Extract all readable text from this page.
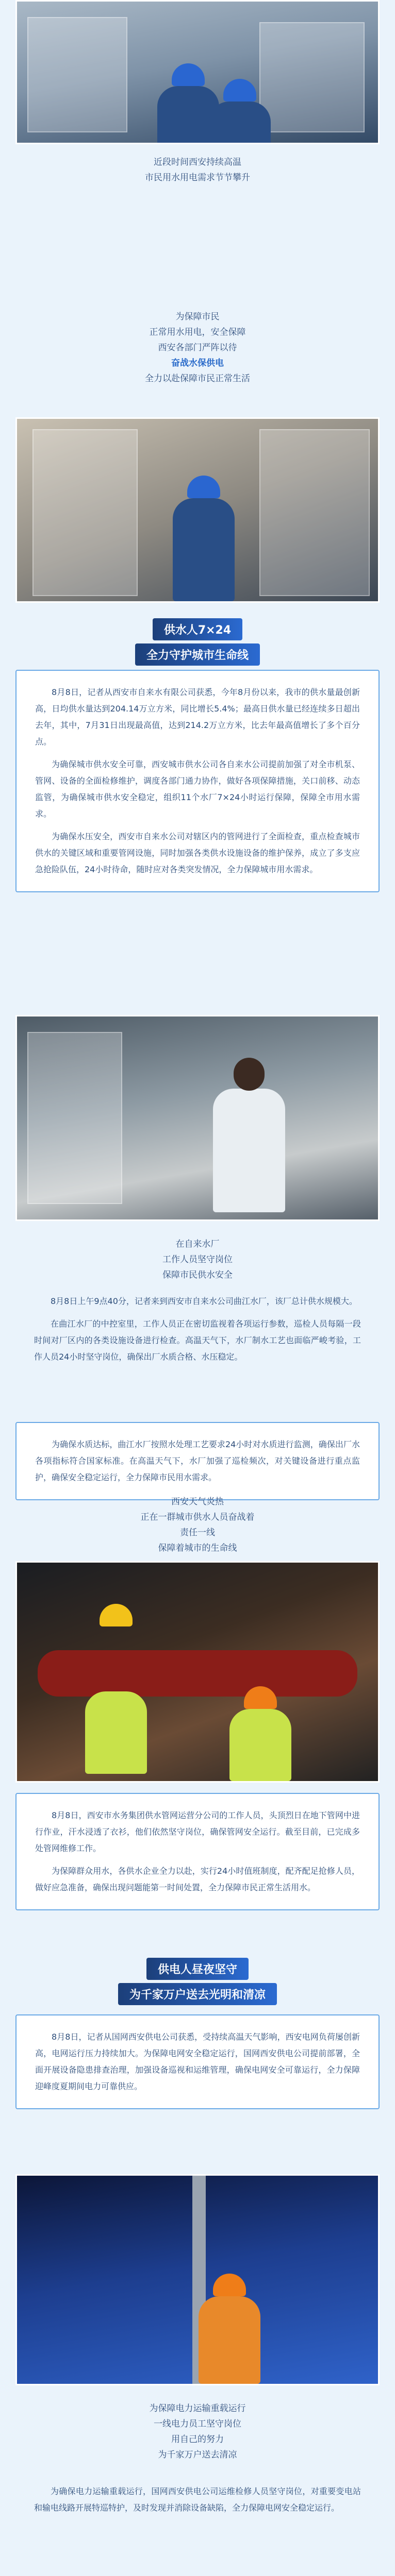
近段时间西安持续高温
市民用水用电需求节节攀升
为保障市民
正常用水用电，安全保障
西安各部门严阵以待
奋战水保供电
全力以赴保障市民正常生活
供水人7×24
全力守护城市生命线

8月8日，记者从西安市自来水有限公司获悉，今年8月份以来，我市的供水量最创新高，日均供水量达到204.14万立方米，同比增长5.4%；最高日供水量已经连续多日超出去年，其中，7月31日出现最高值，达到214.2万立方米，比去年最高值增长了多个百分点。

为确保城市供水安全可靠，西安城市供水公司各自来水公司提前加强了对全市机泵、管网、设备的全面检修维护，调度各部门通力协作，做好各项保障措施，关口前移、动态监管，为确保城市供水安全稳定，组织11个水厂7×24小时运行保障，保障全市用水需求。

为确保水压安全，西安市自来水公司对辖区内的管网进行了全面检查，重点检查城市供水的关键区域和重要管网设施，同时加强各类供水设施设备的维护保养，成立了多支应急抢险队伍，24小时待命，随时应对各类突发情况，全力保障城市用水需求。

在自来水厂
工作人员坚守岗位
保障市民供水安全

8月8日上午9点40分，记者来到西安市自来水公司曲江水厂，该厂总计供水规模大。

在曲江水厂的中控室里，工作人员正在密切监视着各项运行参数，巡检人员每隔一段时间对厂区内的各类设施设备进行检查。高温天气下，水厂制水工艺也面临严峻考验，工作人员24小时坚守岗位，确保出厂水质合格、水压稳定。

为确保水质达标，曲江水厂按照水处理工艺要求24小时对水质进行监测，确保出厂水各项指标符合国家标准。在高温天气下，水厂加强了巡检频次，对关键设备进行重点监护，确保安全稳定运行，全力保障市民用水需求。

西安天气炎热
正在一群城市供水人员奋战着
责任一线
保障着城市的生命线

8月8日，西安市水务集团供水管网运营分公司的工作人员，头顶烈日在地下管网中进行作业，汗水浸透了衣衫，他们依然坚守岗位，确保管网安全运行。截至目前，已完成多处管网维修工作。

为保障群众用水，各供水企业全力以赴，实行24小时值班制度，配齐配足抢修人员，做好应急准备，确保出现问题能第一时间处置，全力保障市民正常生活用水。

供电人昼夜坚守
为千家万户送去光明和清凉

8月8日，记者从国网西安供电公司获悉，受持续高温天气影响，西安电网负荷屡创新高，电网运行压力持续加大。为保障电网安全稳定运行，国网西安供电公司提前部署，全面开展设备隐患排查治理，加强设备巡视和运维管理，确保电网安全可靠运行，全力保障迎峰度夏期间电力可靠供应。

为保障电力运输重载运行
一线电力员工坚守岗位
用自己的努力
为千家万户送去清凉

为确保电力运输重载运行，国网西安供电公司运维检修人员坚守岗位，对重要变电站和输电线路开展特巡特护，及时发现并消除设备缺陷，全力保障电网安全稳定运行。
